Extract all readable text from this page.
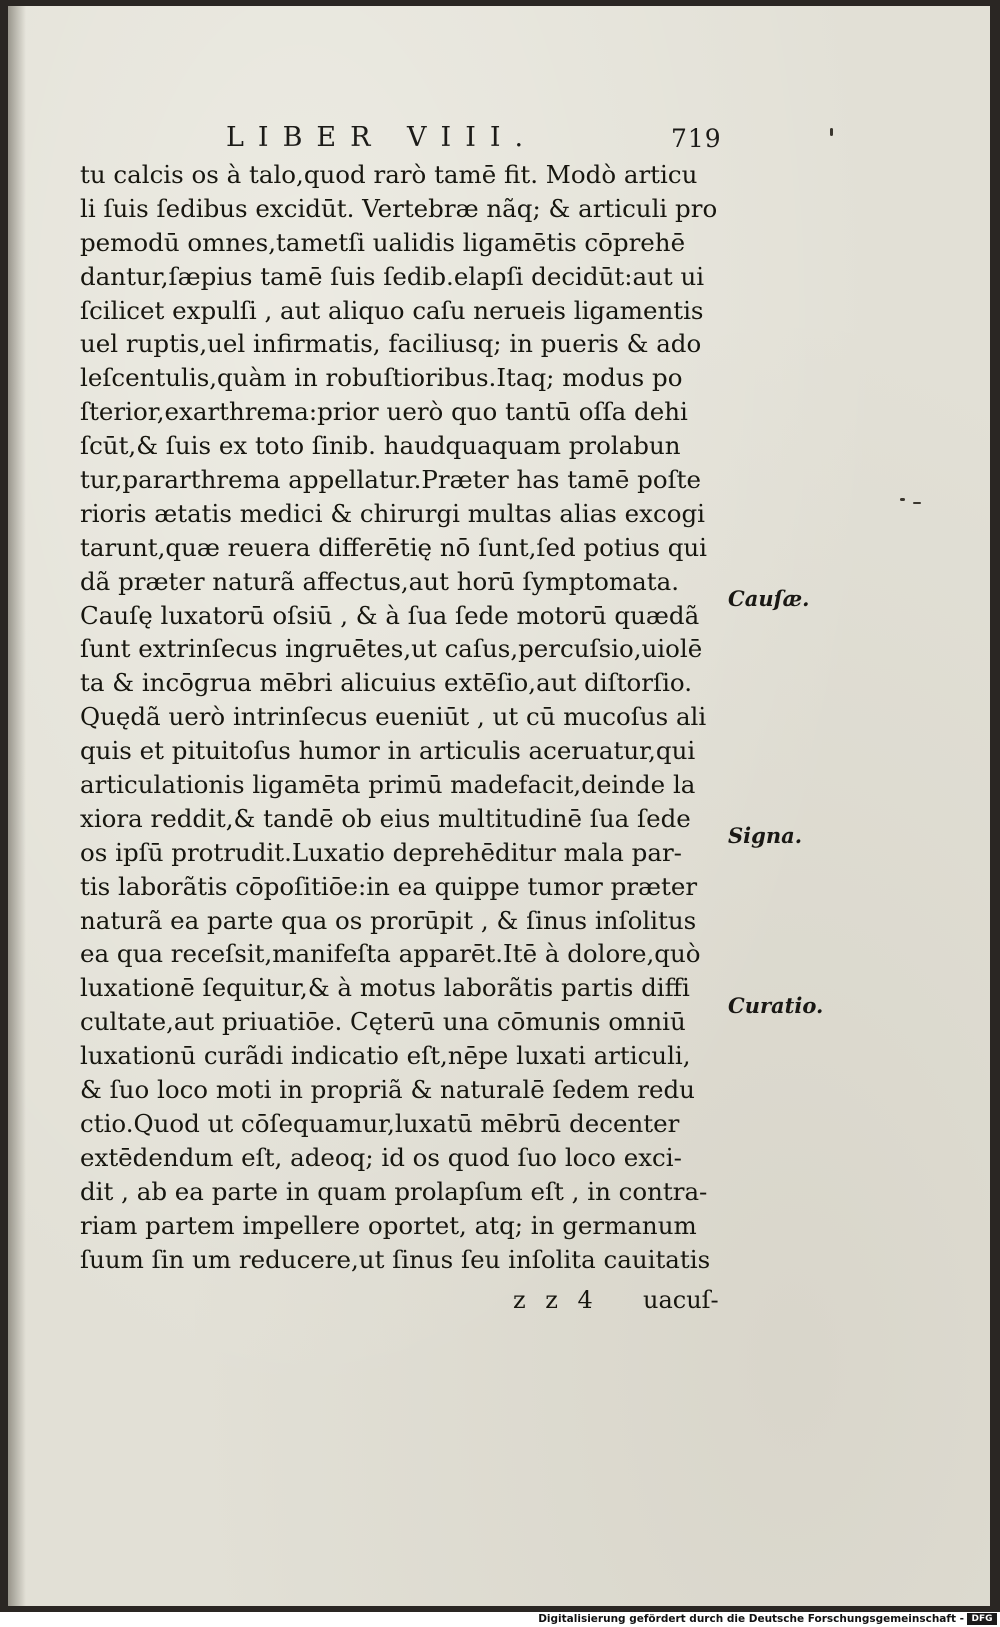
LIBER VIII.	719
tu calcis os à talo,quod rarò tamē fit. Modò articu
li ſuis ſedibus excidūt. Vertebræ nãq; & articuli pro
pemodū omnes,tametſi ualidis ligamētis cōprehē
dantur,ſæpius tamē ſuis ſedib.elapſi decidūt:aut ui
ſcilicet expulſi , aut aliquo caſu nerueis ligamentis
uel ruptis,uel infirmatis, faciliusq; in pueris & ado
leſcentulis,quàm in robuſtioribus.Itaq; modus po
ſterior,exarthrema:prior uerò quo tantū oſſa dehi
ſcūt,& ſuis ex toto ſinib. haudquaquam prolabun
tur,pararthrema appellatur.Præter has tamē poſte
rioris ætatis medici & chirurgi multas alias excogi
tarunt,quæ reuera differētię nō ſunt,ſed potius qui
dã præter naturã affectus,aut horū ſymptomata.
Cauſę luxatorū oſsiū , & à ſua ſede motorū quædã
ſunt extrinſecus ingruētes,ut caſus,percuſsio,uiolē
ta & incōgrua mēbri alicuius extēſio,aut diſtorſio.
Quędã uerò intrinſecus eueniūt , ut cū mucoſus ali
quis et pituitoſus humor in articulis aceruatur,qui
articulationis ligamēta primū madefacit,deinde la
xiora reddit,& tandē ob eius multitudinē ſua ſede
os ipſū protrudit.Luxatio deprehēditur mala par-
tis laborãtis cōpoſitiōe:in ea quippe tumor præter
naturã ea parte qua os prorūpit , & ſinus inſolitus
ea qua receſsit,manifeſta apparēt.Itē à dolore,quò
luxationē ſequitur,& à motus laborãtis partis diffi
cultate,aut priuatiōe. Cęterū una cōmunis omniū
luxationū curãdi indicatio eſt,nēpe luxati articuli,
& ſuo loco moti in propriã & naturalē ſedem redu
ctio.Quod ut cōſequamur,luxatū mēbrū decenter
extēdendum eſt, adeoq; id os quod ſuo loco exci-
dit , ab ea parte in quam prolapſum eſt , in contra-
riam partem impellere oportet, atq; in germanum
ſuum ſin um reducere,ut ſinus ſeu inſolita cauitatis
Cauſæ.
Signa.
Curatio.
z z 4 uacuſ-
Digitalisierung gefördert durch die Deutsche Forschungsgemeinschaft - DFG
